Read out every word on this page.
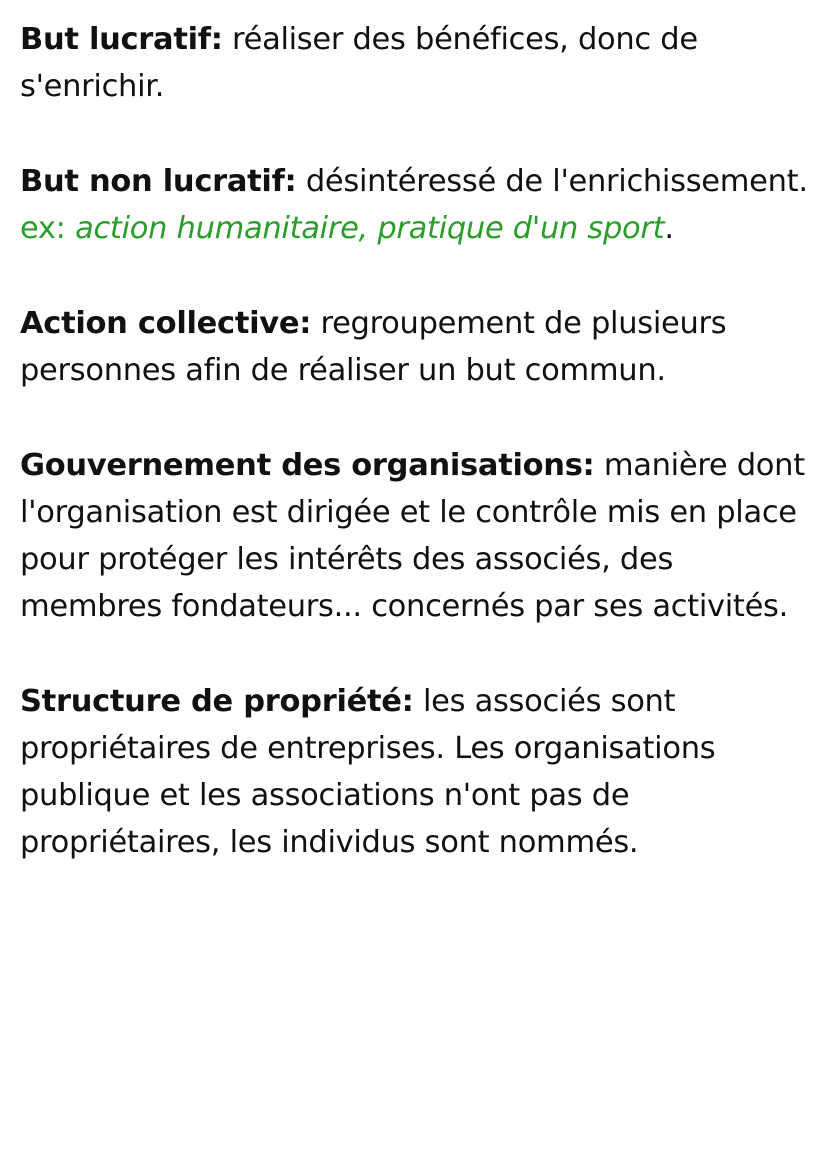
But lucratif: réaliser des bénéfices, donc de s'enrichir.

But non lucratif: désintéressé de l'enrichissement. ex: action humanitaire, pratique d'un sport.

Action collective: regroupement de plusieurs personnes afin de réaliser un but commun.

Gouvernement des organisations: manière dont l'organisation est dirigée et le contrôle mis en place pour protéger les intérêts des associés, des membres fondateurs... concernés par ses activités.

Structure de propriété: les associés sont propriétaires de entreprises. Les organisations publique et les associations n'ont pas de propriétaires, les individus sont nommés.
